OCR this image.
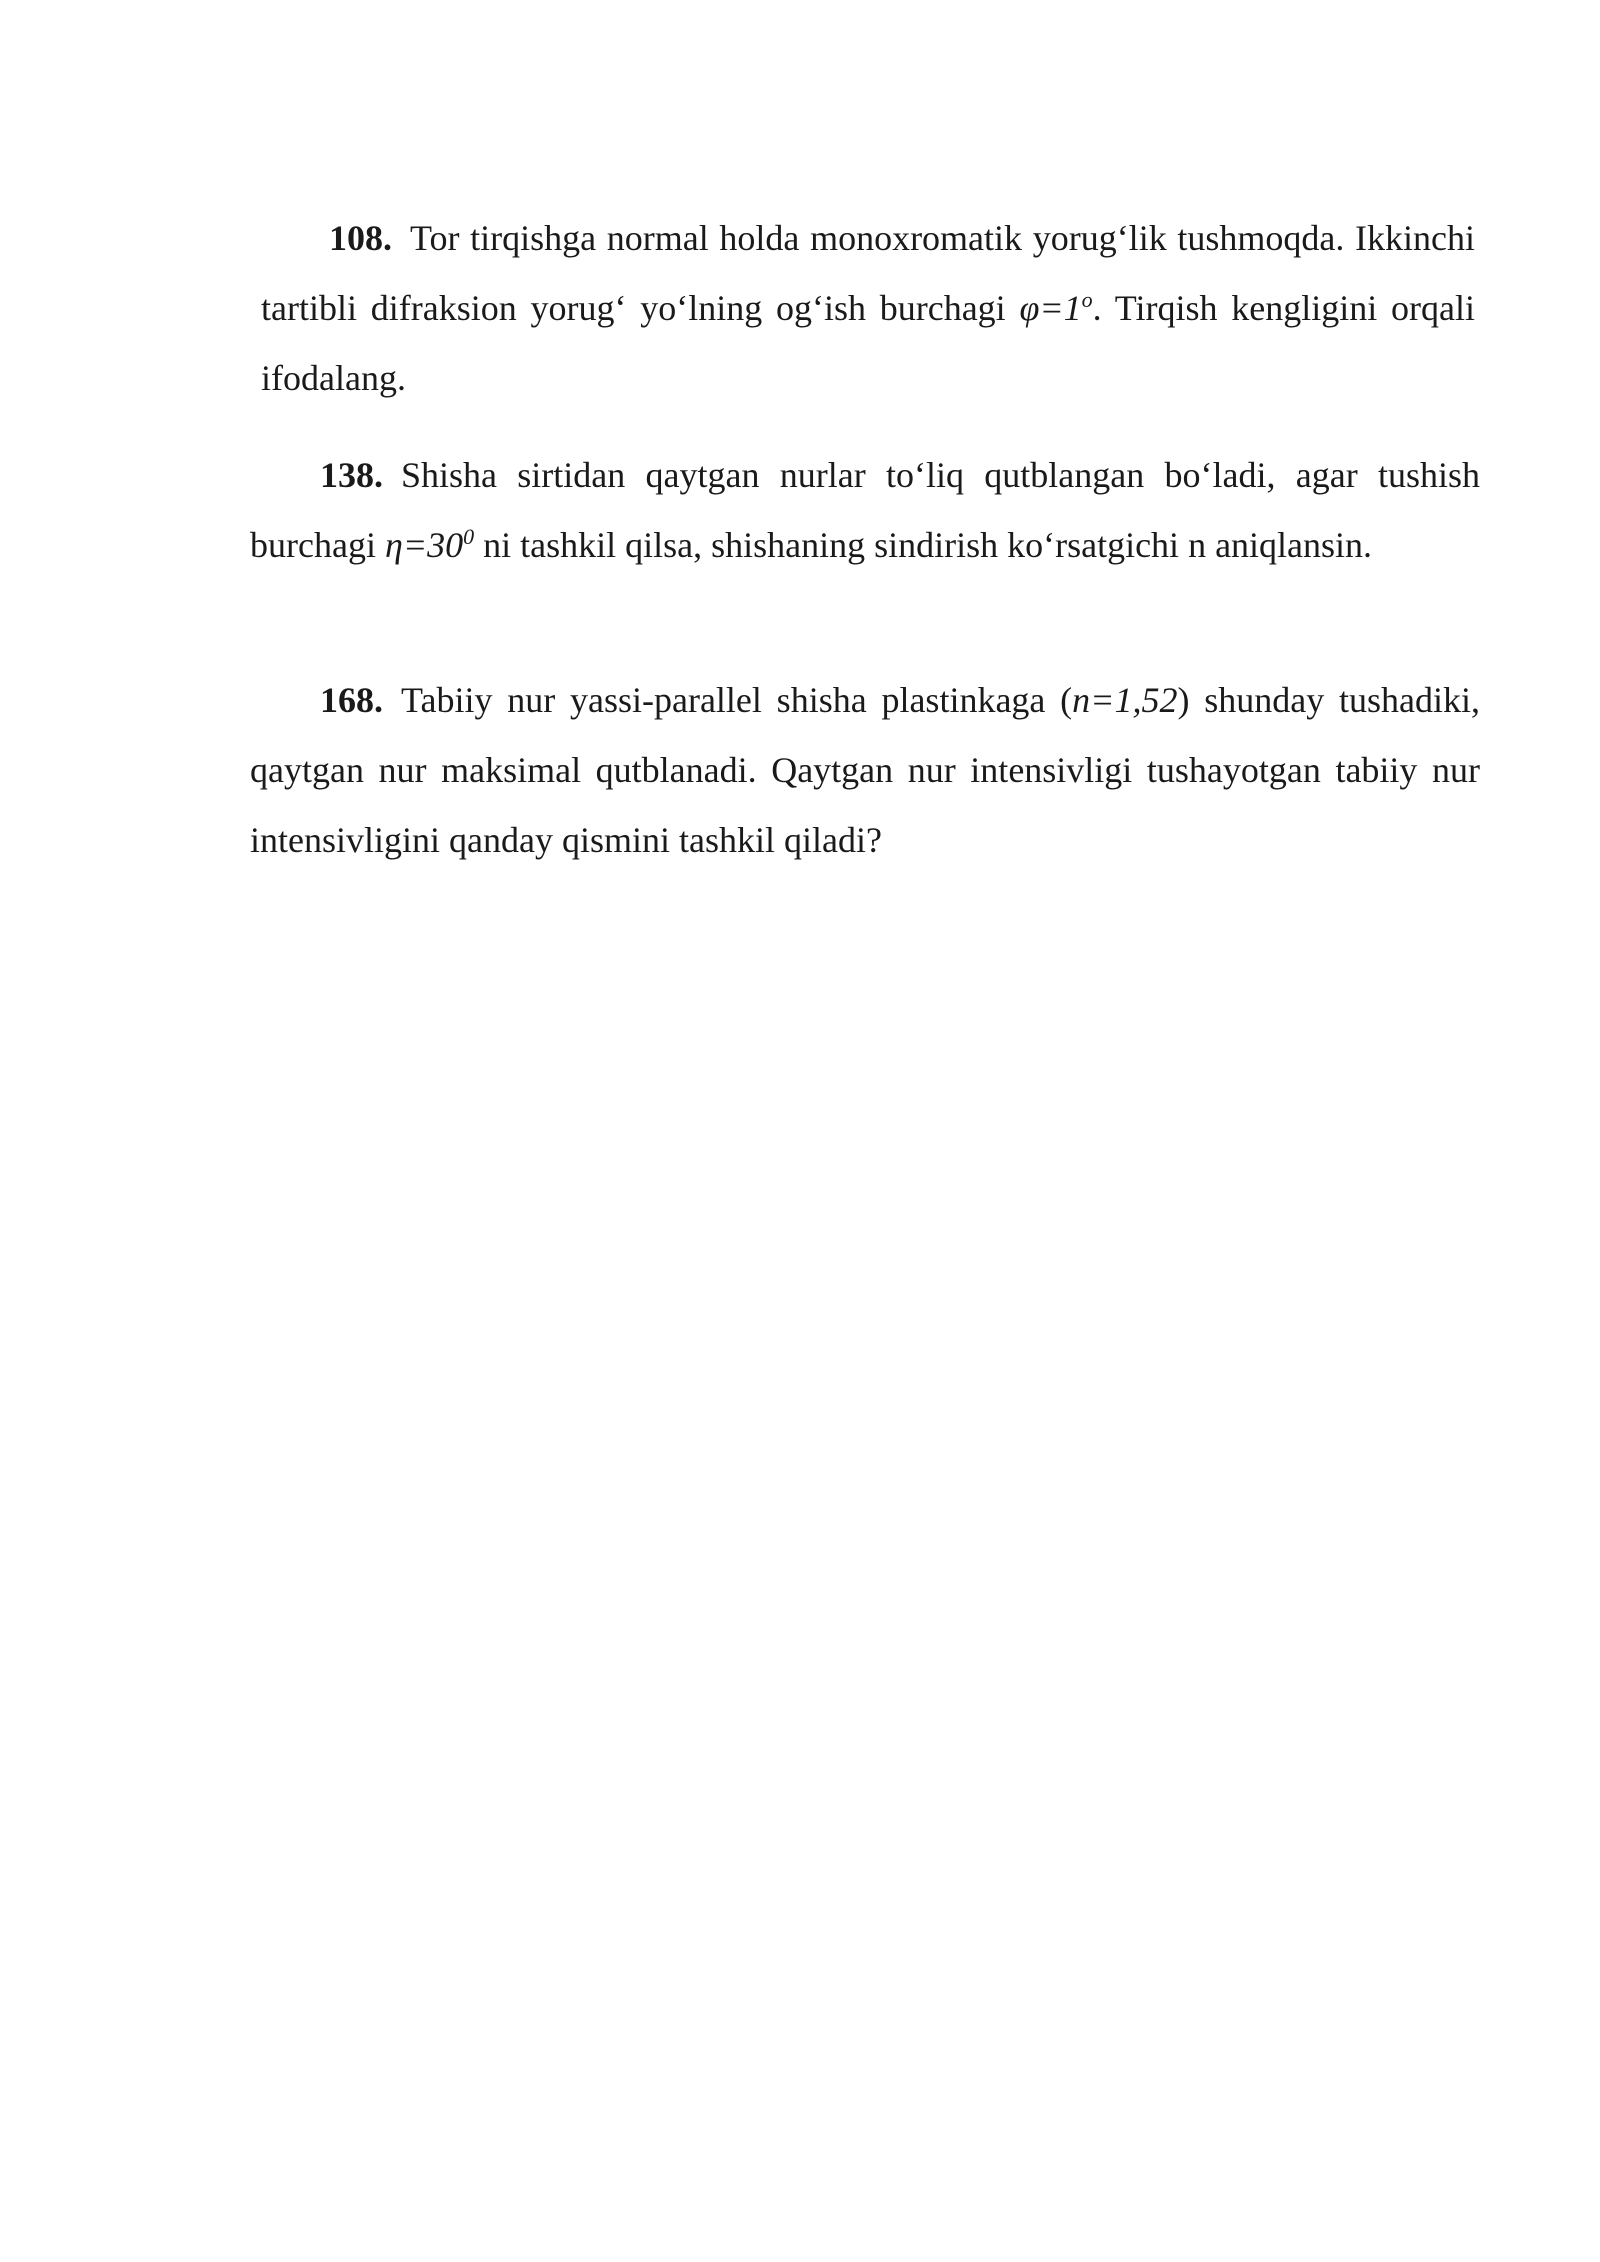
108. Tor tirqishga normal holda monoxromatik yorug‘lik tushmoqda. Ikkinchi tartibli difraksion yorug‘ yo‘lning og‘ish burchagi $\varphi=1^o$. Tirqish kengligini orqali ifodalang.

138. Shisha sirtidan qaytgan nurlar to‘liq qutblangan bo‘ladi, agar tushish burchagi $\eta=30^0$ ni tashkil qilsa, shishaning sindirish ko‘rsatgichi n aniqlansin.

168. Tabiiy nur yassi-parallel shisha plastinkaga (n=1,52) shunday tushadiki, qaytgan nur maksimal qutblanadi. Qaytgan nur intensivligi tushayotgan tabiiy nur intensivligini qanday qismini tashkil qiladi?
